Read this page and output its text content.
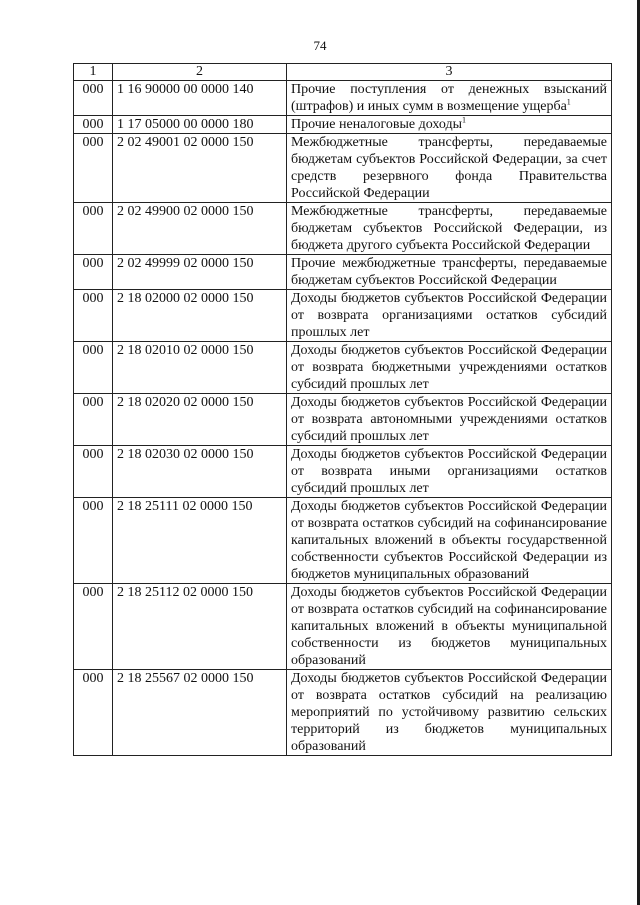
74
1	2	3
000	1 16 90000 00 0000 140	Прочие поступления от денежных взысканий (штрафов) и иных сумм в возмещение ущерба$^1$
000	1 17 05000 00 0000 180	Прочие неналоговые доходы$^1$
000	2 02 49001 02 0000 150	Межбюджетные трансферты, передаваемые бюджетам субъектов Российской Федерации, за счет средств резервного фонда Правительства Российской Федерации
000	2 02 49900 02 0000 150	Межбюджетные трансферты, передаваемые бюджетам субъектов Российской Федерации, из бюджета другого субъекта Российской Федерации
000	2 02 49999 02 0000 150	Прочие межбюджетные трансферты, передаваемые бюджетам субъектов Российской Федерации
000	2 18 02000 02 0000 150	Доходы бюджетов субъектов Российской Федерации от возврата организациями остатков субсидий прошлых лет
000	2 18 02010 02 0000 150	Доходы бюджетов субъектов Российской Федерации от возврата бюджетными учреждениями остатков субсидий прошлых лет
000	2 18 02020 02 0000 150	Доходы бюджетов субъектов Российской Федерации от возврата автономными учреждениями остатков субсидий прошлых лет
000	2 18 02030 02 0000 150	Доходы бюджетов субъектов Российской Федерации от возврата иными организациями остатков субсидий прошлых лет
000	2 18 25111 02 0000 150	Доходы бюджетов субъектов Российской Федерации от возврата остатков субсидий на софинансирование капитальных вложений в объекты государственной собственности субъектов Российской Федерации из бюджетов муниципальных образований
000	2 18 25112 02 0000 150	Доходы бюджетов субъектов Российской Федерации от возврата остатков субсидий на софинансирование капитальных вложений в объекты муниципальной собственности из бюджетов муниципальных образований
000	2 18 25567 02 0000 150	Доходы бюджетов субъектов Российской Федерации от возврата остатков субсидий на реализацию мероприятий по устойчивому развитию сельских территорий из бюджетов муниципальных образований
